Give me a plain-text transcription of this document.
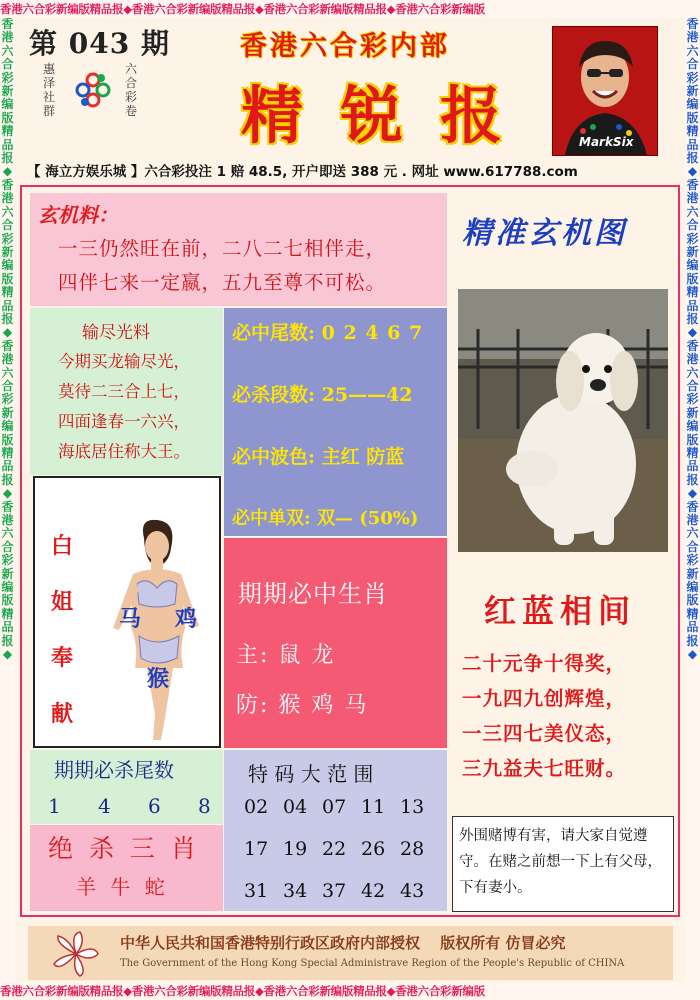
香港六合彩新编版精品报◆香港六合彩新编版精品报◆香港六合彩新编版精品报◆香港六合彩新编版
香港六合彩新编版精品报◆香港六合彩新编版精品报◆香港六合彩新编版精品报◆香港六合彩新编版
香港六合彩新编版精品报◆香港六合彩新编版精品报◆香港六合彩新编版精品报◆香港六合彩新编版精品报◆
香港六合彩新编版精品报◆香港六合彩新编版精品报◆香港六合彩新编版精品报◆香港六合彩新编版精品报◆
第 043 期
惠泽社群
六合彩卷
香港六合彩内部
精 锐 报	MarkSix
【 海立方娱乐城 】六合彩投注 1 赔 48.5, 开户即送 388 元 . 网址 www.617788.com
玄机料：
一三仍然旺在前，二八二七相伴走，
四伴七来一定嬴，五九至尊不可松。
输尽光料
今期买龙输尽光，
莫待二三合上七，
四面逢春一六兴，
海底居住称大王。
必中尾数: 0 2 4 6 7
必杀段数: 25——42
必中波色: 主红 防蓝
必中单双: 双— (50%)
白
姐
奉
献
马 鸡
猴
期期必中生肖
主: 鼠 龙
防: 猴 鸡 马
期期必杀尾数
1 4 6 8
绝 杀 三 肖
羊 牛 蛇
特 码 大 范 围
02 04 07 11 13
17 19 22 26 28
31 34 37 42 43
精准玄机图
红蓝相间
二十元争十得奖，
一九四九创辉煌，
一三四七美仪态，
三九益夫七旺财。
外围赌博有害，请大家自觉遵守。在赌之前想一下上有父母，下有妻小。
中华人民共和国香港特别行政区政府内部授权　 版权所有 仿冒必究
The Government of the Hong Kong Special Administrave Region of the People's Republic of CHINA
